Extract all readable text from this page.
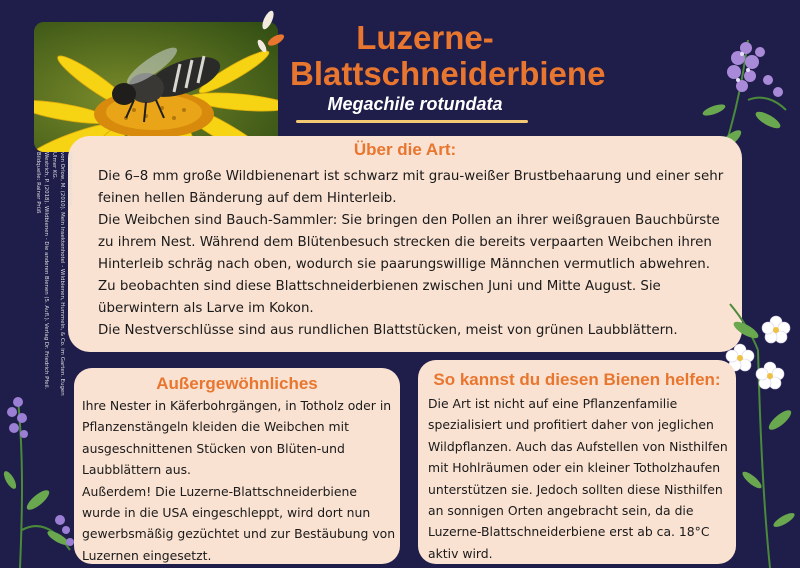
Luzerne-
Blattschneiderbiene
Megachile rotundata
Über die Art:

Die 6–8 mm große Wildbienenart ist schwarz mit grau-weißer Brustbehaarung und einer sehr feinen hellen Bänderung auf dem Hinterleib.

Die Weibchen sind Bauch-Sammler: Sie bringen den Pollen an ihrer weißgrauen Bauchbürste zu ihrem Nest. Während dem Blütenbesuch strecken die bereits verpaarten Weibchen ihren Hinterleib schräg nach oben, wodurch sie paarungswillige Männchen vermutlich abwehren.

Zu beobachten sind diese Blattschneiderbienen zwischen Juni und Mitte August. Sie überwintern als Larve im Kokon.

Die Nestverschlüsse sind aus rundlichen Blattstücken, meist von grünen Laubblättern.

Informationsquellen:

von Orlow, M. (2010). Mein Insektenhotel - Wildbienen, Hummeln, & Co. im Garten. Eugen Ulmer KG.

Westrich, P. (2018). Wildbienen - Die anderen Bienen (5. Aufl.). Verlag Dr. Friedrich Pfeil.

Bildquelle: Rainer Prüß

Außergewöhnliches

Ihre Nester in Käferbohrgängen, in Totholz oder in Pflanzenstängeln kleiden die Weibchen mit ausgeschnittenen Stücken von Blüten-und Laubblättern aus.

Außerdem! Die Luzerne-Blattschneiderbiene wurde in die USA eingeschleppt, wird dort nun gewerbsmäßig gezüchtet und zur Bestäubung von Luzernen eingesetzt.

So kannst du diesen Bienen helfen:

Die Art ist nicht auf eine Pflanzenfamilie spezialisiert und profitiert daher von jeglichen Wildpflanzen. Auch das Aufstellen von Nisthilfen mit Hohlräumen oder ein kleiner Totholzhaufen unterstützen sie. Jedoch sollten diese Nisthilfen an sonnigen Orten angebracht sein, da die Luzerne-Blattschneiderbiene erst ab ca. 18°C aktiv wird.
